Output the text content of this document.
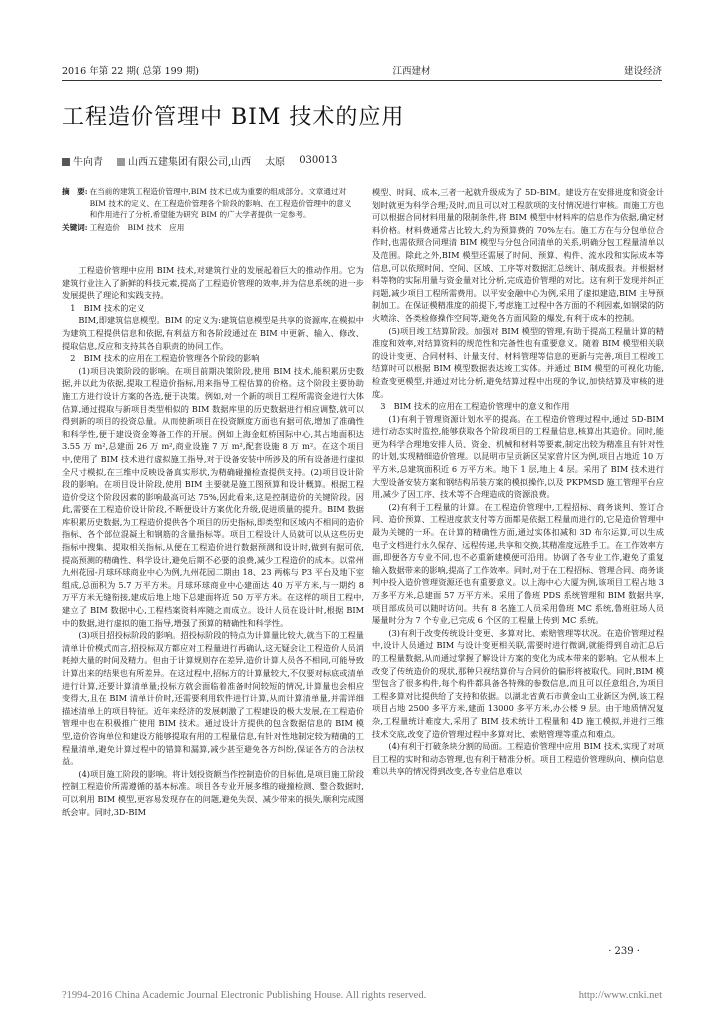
2016 年第 22 期( 总第 199 期)	江西建材	建设经济
工程造价管理中 BIM 技术的应用
牛向青	山西五建集团有限公司,山西 太原 030013
摘　要: 在当前的建筑工程造价管理中,BIM 技术已成为重要的组成部分。文章通过对 BIM 技术的定义、在工程造价管理各个阶段的影响、在工程造价管理中的意义和作用进行了分析,希望能为研究 BIM 的广大学者提供一定参考。
关键词: 工程造价　BIM 技术　应用

工程造价管理中应用 BIM 技术,对建筑行业的发展起着巨大的推动作用。它为建筑行业注入了新鲜的科技元素,提高了工程造价管理的效率,并为信息系统的进一步发展提供了理论和实践支持。

1　BIM 技术的定义

BIM,即建筑信息模型。BIM 的定义为:建筑信息模型是共享的资源库,在模拟中为建筑工程提供信息和依据,有利益方和各阶段通过在 BIM 中更新、输入、修改、提取信息,反应和支持其各自职责的协同工作。

2　BIM 技术的应用在工程造价管理各个阶段的影响

(1)项目决策阶段的影响。在项目前期决策阶段,使用 BIM 技术,能积累历史数据,并以此为依据,提取工程造价指标,用来指导工程估算的价格。这个阶段主要协助施工方进行设计方案的各选,便于决策。例如,对一个新的项目工程所需资金进行大体估算,通过提取与新项目类型相似的 BIM 数据库里的历史数据进行相应调整,就可以得到新的项目的投资总量。从而使新项目在投资额度方面也有据可依,增加了准确性和科学性,便于建设资金筹备工作的开展。例如上海金虹桥国际中心,其占地面积达 3.55 万 m²,总建面 26 万 m²,商业设施 7 万 m²,配套设施 8 万 m²。在这个项目中,使用了 BIM 技术进行虚拟施工指导,对于设备安装中所涉及的所有设备进行虚拟全尺寸模拟,在三维中反映设备真实形状,为精确碰撞检查提供支持。(2)项目设计阶段的影响。在项目设计阶段,使用 BIM 主要就是施工图预算和设计概算。根据工程造价受这个阶段因素的影响最高可达 75%,因此看来,这是控制造价的关键阶段。因此,需要在工程造价设计阶段,不断便设计方案优化升级,促进质量的提升。BIM 数据库积累历史数据,为工程造价提供各个项目的历史指标,即类型和区域内不相同的造价指标、各个部位混凝土和钢筋的含量指标等。项目工程设计人员就可以从这些历史指标中搜集、提取相关指标,从便在工程造价进行数据预测和设计时,做到有据可依,提高预测的精确性、科学设计,避免后期不必要的浪费,减少工程造价的成本。以常州九州花园-月球环球商业中心为例,九州花园二期由 18、23 两栋与 P3 平台及地下室组成,总面积为 5.7 万平方米。月球环球商业中心建面达 40 万平方米,与一期约 8 万平方米无缝衔接,建成后地上地下总建面将近 50 万平方米。在这样的项目工程中,建立了 BIM 数据中心,工程档案资料库随之而成立。设计人员在设计时,根据 BIM 中的数据,进行虚拟的施工指导,增强了预算的精确性和科学性。

(3)项目招投标阶段的影响。招投标阶段的特点为计算量比较大,就当下的工程量清单计价模式而言,招投标双方都应对工程量进行再确认,这无疑会让工程造价人员消耗掉大量的时间及精力。但由于计算规则存在差异,造价计算人员各不相同,可能导致计算出来的结果也有所差异。在这过程中,招标方的计算量较大,不仅要对标底或清单进行计算,还要计算清单量;投标方就会面临着准备时间较短的情况,计算量也会相应变得大,且在 BIM 清单计价时,还需要利用软件进行计算,从而计算清单量,并需详细描述清单上的项目特征。近年来经济的发展刺激了工程建设的极大发展,在工程造价管理中也在积极推广使用 BIM 技术。通过设计方提供的包含数据信息的 BIM 模型,造价咨询单位和建设方能够提取有用的工程量信息,有针对性地制定较为精确的工程量清单,避免计算过程中的错算和漏算,减少甚至避免各方纠纷,保证各方的合法权益。

(4)项目施工阶段的影响。将计划投资额当作控制造价的目标值,是项目施工阶段控制工程造价所需遵循的基本标准。项目各专业开展多维的碰撞检测、整合数据时,可以利用 BIM 模型,更容易发现存在的问题,避免失误、减少带来的损失,顺利完成图纸会审。同时,3D-BIM

模型、时间、成本,三者一起就升级成为了 5D-BIM。建设方在安排进度和资金计划时就更为科学合理;及时,而且可以对工程款项的支付情况进行审核。而施工方也可以根据合同材料用量的限制条件,将 BIM 模型中材料库的信息作为依据,确定材料价格。材料费通常占比较大,约为预算费的 70%左右。施工方在与分包单位合作时,也需依照合同理清 BIM 模型与分包合同清单的关系,明确分包工程量清单以及范围。除此之外,BIM 模型还需展了时间、预算、构件、流水段和实际成本等信息,可以依照时间、空间、区域、工序等对数据汇总统计、制成报表。并根据材料等物的实际用量与资金量对比分析,完成造价管理的对比。这有利于发现并纠正问题,减少项目工程所需费用。以平安金融中心为例,采用了虚拟建造,BIM 主导预制加工。在保证模精准度的前提下,考虑施工过程中各方面的不利因素,如钢梁的防火喷涂、各类检修操作空间等,避免各方面风险的爆发,有利于成本的控制。

(5)项目竣工结算阶段。加强对 BIM 模型的管理,有助于提高工程量计算的精准度和效率,对结算资料的规范性和完备性也有重要意义。随着 BIM 模型相关联的设计变更、合同材料、计量支付、材料管理等信息的更新与完善,项目工程竣工结算时可以根据 BIM 模型数据表达竣工实体。并通过 BIM 模型的可视化功能,检查变更模型,并通过对比分析,避免结算过程中出现的争议,加快结算及审核的进度。

3　BIM 技术的应用在工程造价管理中的意义和作用

(1)有利于管理资源计划水平的提高。在工程造价管理过程中,通过 5D-BIM 进行动态实时监控,能够获取各个阶段项目的工程量信息,核算出其造价。同时,能更为科学合理地安排人员、资金、机械和材料等要素,制定出较为精准且有针对性的计划,实现精细造价管理。以昆明市呈贡新区吴家营片区为例,项目占地近 10 万平方米,总建筑面积近 6 万平方米。地下 1 层,地上 4 层。采用了 BIM 技术进行大型设备安装方案和钢结构吊装方案的模拟操作,以及 PKPMSD 施工管理平台应用,减少了因工序、技术等不合理造成的资源浪费。

(2)有利于工程量的计算。在工程造价管理中,工程招标、商务谈判、签订合同、造价预算、工程进度款支付等方面都是依据工程量而进行的,它是造价管理中最为关键的一环。在计算的精确性方面,通过实体扣减和 3D 布尔运算,可以生成电子文档进行永久保存、远程传递,共享和交换,其精准度远胜手工。在工作效率方面,即便各方专业不同,也不必重新建模便可沿用。协调了各专业工作,避免了重复输入数据带来的影响,提高了工作效率。同时,对于在工程招标、管理合同、商务谈判中投入造价管理资源还也有重要意义。以上海中心大厦为例,该项目工程占地 3 万多平方米,总建面 57 万平方米。采用了鲁班 PDS 系统管理和 BIM 数据共享,项目部成员可以随时访问。共有 8 名施工人员采用鲁班 MC 系统,鲁班驻场人员屡量时分为 7 个专业,已完成 6 个区的工程量上传到 MC 系统。

(3)有利于改变传统设计变更、多算对比、索赔管理等状况。在造价管理过程中,设计人员通过 BIM 与设计变更相关联,需要时进行微调,就能得到自动汇总后的工程量数据,从而通过掌握了解设计方案的变化为成本带来的影响。它从根本上改变了传统造价的现状,那种只视结算价与合同价的偏形将被取代。同时,BIM 模型包含了很多构件,每个构件都具备各特殊的参数信息,而且可以任意组合,为项目工程多算对比提供给了支持和依据。以湖北省黄石市黄金山工业新区为例,该工程项目占地 2500 多平方米,建面 13000 多平方米,办公楼 9 层。由于地质情况复杂,工程量统计难度大,采用了 BIM 技术统计工程量和 4D 施工模拟,并进行三维技术交底,改变了造价管理过程中多算对比、索赔管理等重点和难点。

(4)有利于打破条块分割的局面。工程造价管理中应用 BIM 技术,实现了对项目工程的实时和动态管理,也有利于精准分析。项目工程造价管理纵向、横向信息难以共享的情况得到改变,各专业信息难以

· 239 ·
?1994-2016 China Academic Journal Electronic Publishing House. All rights reserved.	http://www.cnki.net
